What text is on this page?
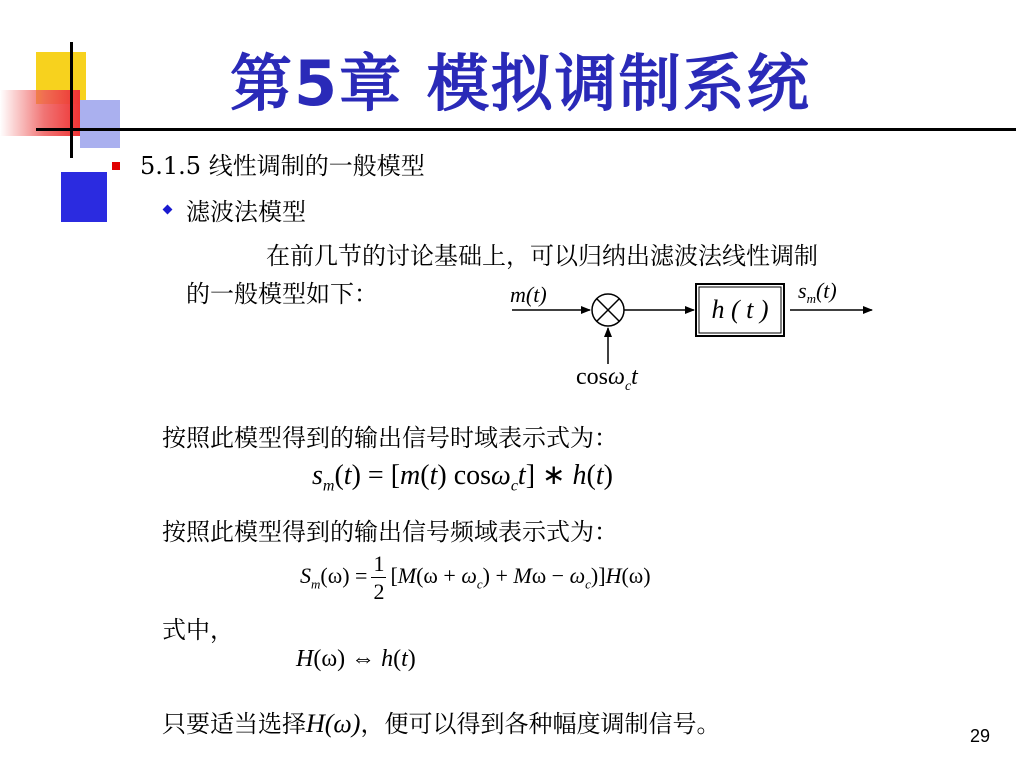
第5章 模拟调制系统
5.1.5 线性调制的一般模型
滤波法模型
在前几节的讨论基础上，可以归纳出滤波法线性调制
的一般模型如下：	m(t)
h ( t )
$s_m(t)$
cosω$_c$t
按照此模型得到的输出信号时域表示式为：
$s_m(t) = [m(t)$ cosω$_c$t] ∗ h(t)
按照此模型得到的输出信号频域表示式为：
$S_m(\omega) = \frac{1}{2} [M(\omega + \omega_c) + M\omega - \omega_c)]H(\omega)$
式中，
H(ω) ⇔ h(t)
只要适当选择H(ω)，便可以得到各种幅度调制信号。	29
